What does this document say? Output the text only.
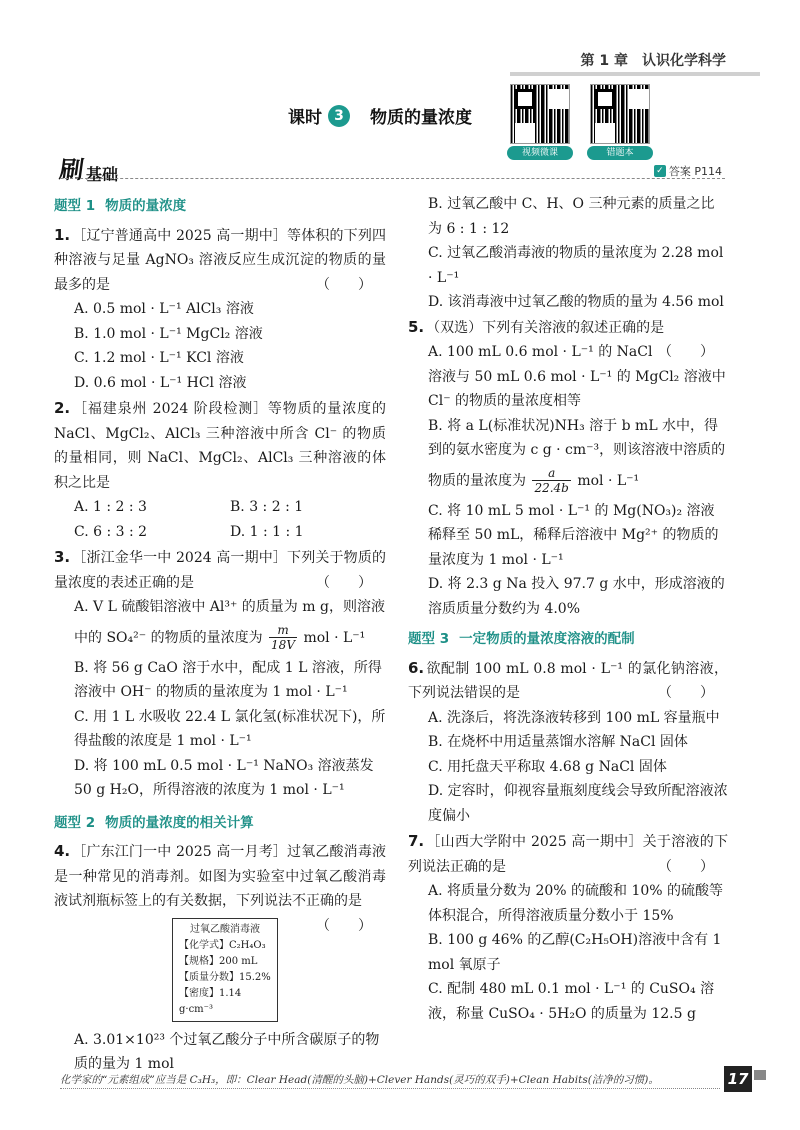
第 1 章　认识化学科学
课时 3	物质的量浓度
视频微课	错题本
刷 基础	✓ 答案 P114
题型 1 物质的量浓度
1. ［辽宁普通高中 2025 高一期中］等体积的下列四种溶液与足量 AgNO₃ 溶液反应生成沉淀的物质的量最多的是	（　　）
A. 0.5 mol · L⁻¹ AlCl₃ 溶液
B. 1.0 mol · L⁻¹ MgCl₂ 溶液
C. 1.2 mol · L⁻¹ KCl 溶液
D. 0.6 mol · L⁻¹ HCl 溶液
2. ［福建泉州 2024 阶段检测］等物质的量浓度的 NaCl、MgCl₂、AlCl₃ 三种溶液中所含 Cl⁻ 的物质的量相同，则 NaCl、MgCl₂、AlCl₃ 三种溶液的体积之比是
A. 1 : 2 : 3	B. 3 : 2 : 1
C. 6 : 3 : 2	D. 1 : 1 : 1
3. ［浙江金华一中 2024 高一期中］下列关于物质的量浓度的表述正确的是	（　　）
A. V L 硫酸铝溶液中 Al³⁺ 的质量为 m g，则溶液
中的 SO₄²⁻ 的物质的量浓度为 $\frac{m}{18V}$ mol · L⁻¹
B. 将 56 g CaO 溶于水中，配成 1 L 溶液，所得溶液中 OH⁻ 的物质的量浓度为 1 mol · L⁻¹
C. 用 1 L 水吸收 22.4 L 氯化氢(标准状况下)，所得盐酸的浓度是 1 mol · L⁻¹
D. 将 100 mL 0.5 mol · L⁻¹ NaNO₃ 溶液蒸发 50 g H₂O，所得溶液的浓度为 1 mol · L⁻¹
题型 2 物质的量浓度的相关计算
4. ［广东江门一中 2025 高一月考］过氧乙酸消毒液是一种常见的消毒剂。如图为实验室中过氧乙酸消毒液试剂瓶标签上的有关数据，下列说法不正确的是
（　　）
过氧乙酸消毒液
【化学式】C₂H₄O₃
【规格】200 mL
【质量分数】15.2%
【密度】1.14 g·cm⁻³
A. 3.01×10²³ 个过氧乙酸分子中所含碳原子的物质的量为 1 mol
B. 过氧乙酸中 C、H、O 三种元素的质量之比为 6 : 1 : 12
C. 过氧乙酸消毒液的物质的量浓度为 2.28 mol · L⁻¹
D. 该消毒液中过氧乙酸的物质的量为 4.56 mol
5. （双选）下列有关溶液的叙述正确的是
（　　）
A. 100 mL 0.6 mol · L⁻¹ 的 NaCl 溶液与 50 mL 0.6 mol · L⁻¹ 的 MgCl₂ 溶液中 Cl⁻ 的物质的量浓度相等
B. 将 a L(标准状况)NH₃ 溶于 b mL 水中，得到的氨水密度为 c g · cm⁻³，则该溶液中溶质的
物质的量浓度为 $\frac{a}{22.4b}$ mol · L⁻¹
C. 将 10 mL 5 mol · L⁻¹ 的 Mg(NO₃)₂ 溶液稀释至 50 mL，稀释后溶液中 Mg²⁺ 的物质的量浓度为 1 mol · L⁻¹
D. 将 2.3 g Na 投入 97.7 g 水中，形成溶液的溶质质量分数约为 4.0%
题型 3 一定物质的量浓度溶液的配制
6. 欲配制 100 mL 0.8 mol · L⁻¹ 的氯化钠溶液，下列说法错误的是	（　　）
A. 洗涤后，将洗涤液转移到 100 mL 容量瓶中
B. 在烧杯中用适量蒸馏水溶解 NaCl 固体
C. 用托盘天平称取 4.68 g NaCl 固体
D. 定容时，仰视容量瓶刻度线会导致所配溶液浓度偏小
7. ［山西大学附中 2025 高一期中］关于溶液的下列说法正确的是	（　　）
A. 将质量分数为 20% 的硫酸和 10% 的硫酸等体积混合，所得溶液质量分数小于 15%
B. 100 g 46% 的乙醇(C₂H₅OH)溶液中含有 1 mol 氧原子
C. 配制 480 mL 0.1 mol · L⁻¹ 的 CuSO₄ 溶液，称量 CuSO₄ · 5H₂O 的质量为 12.5 g
化学家的“元素组成”应当是 C₃H₃，即：Clear Head(清醒的头脑)+Clever Hands(灵巧的双手)+Clean Habits(洁净的习惯)。	17
